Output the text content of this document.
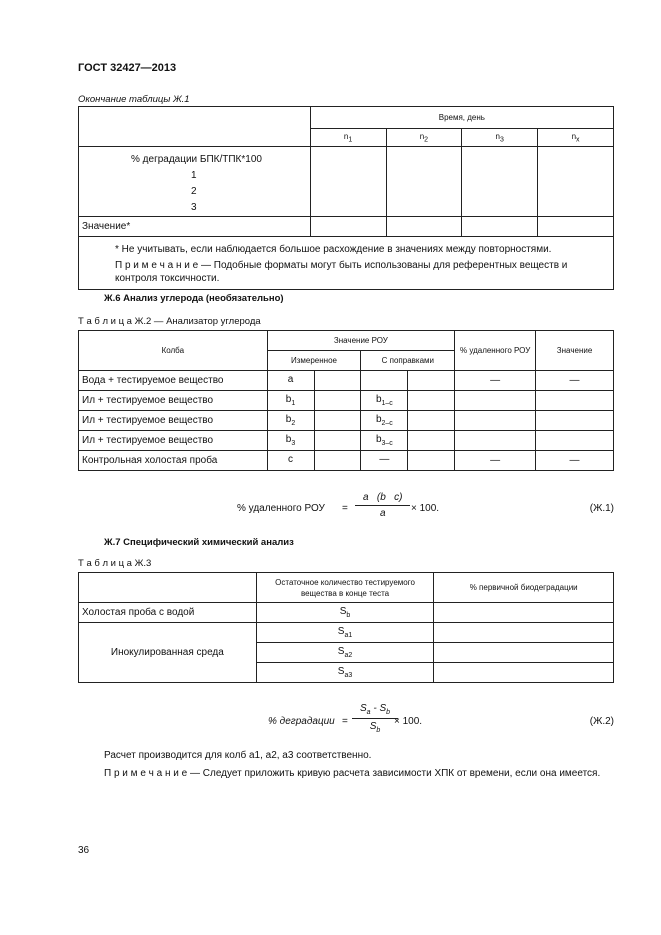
ГОСТ 32427—2013
Окончание таблицы Ж.1
	Время, день			
	$n_1$	$n_2$	$n_3$	$n_x$

% деградации БПК/ТПК*100
1
2
3				

Значение*				

* Не учитывать, если наблюдается большое расхождение в значениях между повторностями.
П р и м е ч а н и е — Подобные форматы могут быть использованы для референтных веществ и контроля токсичности.				
Ж.6 Анализ углерода (необязательно)
Т а б л и ц а Ж.2 — Анализатор углерода
Колба	Значение РОУ				% удаленного РОУ	Значение
	Измеренное		С поправками			
Вода + тестируемое вещество	a				—	—
Ил + тестируемое вещество	$b_1$		$b_{1-c}$			
Ил + тестируемое вещество	$b_2$		$b_{2-c}$			
Ил + тестируемое вещество	$b_3$		$b_{3-c}$			
Контрольная холостая проба	c		—		—	—
% удаленного РОУ = $\frac{\text{a   (b   c)}}{a} \times 100$.	(Ж.1)
Ж.7 Специфический химический анализ
Т а б л и ц а Ж.3
	Остаточное количество тестируемого вещества в конце теста	% первичной биодеградации
Холостая проба с водой	$S_b$	
Инокулированная среда	$S_{a1}$	
	$S_{a2}$	
	$S_{a3}$	
% деградации = $\frac{S_a - S_b}{S_b}$
× 100.	(Ж.2)
Расчет производится для колб a1, a2, a3 соответственно.
П р и м е ч а н и е — Следует приложить кривую расчета зависимости ХПК от времени, если она имеется.
36
